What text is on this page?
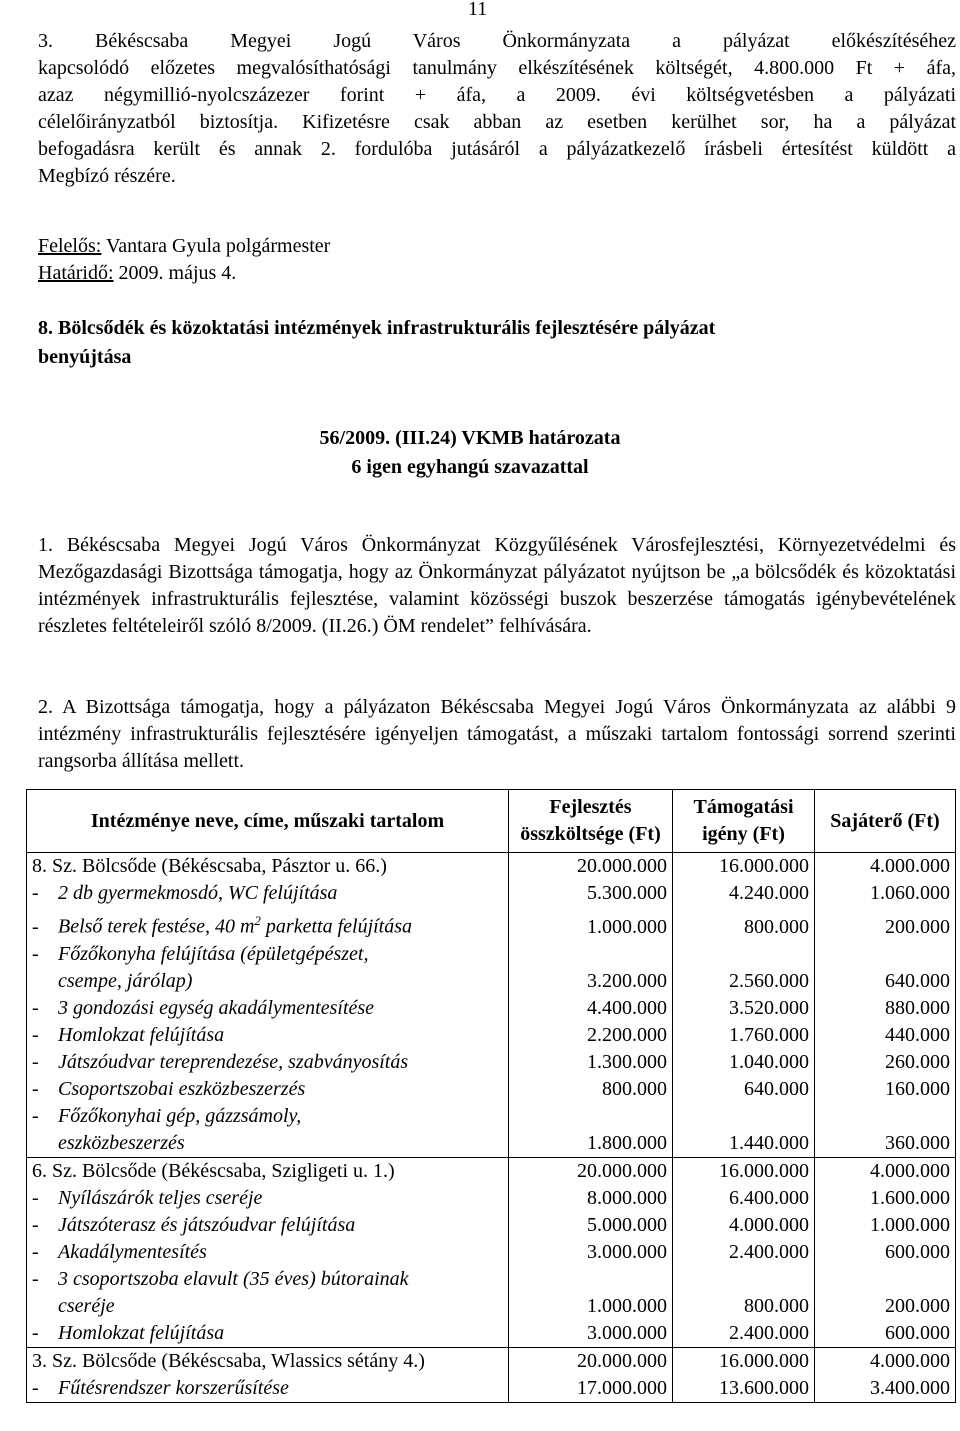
11
3. Békéscsaba Megyei Jogú Város Önkormányzata a pályázat előkészítéséhez
kapcsolódó előzetes megvalósíthatósági tanulmány elkészítésének költségét, 4.800.000 Ft + áfa,
azaz négymillió-nyolcszázezer forint + áfa, a 2009. évi költségvetésben a pályázati
célelőirányzatból biztosítja. Kifizetésre csak abban az esetben kerülhet sor, ha a pályázat
befogadásra került és annak 2. fordulóba jutásáról a pályázatkezelő írásbeli értesítést küldött a
Megbízó részére.
Felelős: Vantara Gyula polgármester
Határidő: 2009. május 4.
8. Bölcsődék és közoktatási intézmények infrastrukturális fejlesztésére pályázat
benyújtása
56/2009. (III.24) VKMB határozata
6 igen egyhangú szavazattal
1. Békéscsaba Megyei Jogú Város Önkormányzat Közgyűlésének Városfejlesztési, Környezetvédelmi és Mezőgazdasági Bizottsága támogatja, hogy az Önkormányzat pályázatot nyújtson be „a bölcsődék és közoktatási intézmények infrastrukturális fejlesztése, valamint közösségi buszok beszerzése támogatás igénybevételének részletes feltételeiről szóló 8/2009. (II.26.) ÖM rendelet” felhívására.
2. A Bizottsága támogatja, hogy a pályázaton Békéscsaba Megyei Jogú Város Önkormányzata az alábbi 9 intézmény infrastrukturális fejlesztésére igényeljen támogatást, a műszaki tartalom fontossági sorrend szerinti rangsorba állítása mellett.
Intézménye neve, címe, műszaki tartalom	Fejlesztés összköltsége (Ft)	Támogatási igény (Ft)	Sajáterő (Ft)
8. Sz. Bölcsőde (Békéscsaba, Pásztor u. 66.)	20.000.000	16.000.000	4.000.000
- 2 db gyermekmosdó, WC felújítása	5.300.000	4.240.000	1.060.000
- Belső terek festése, 40 $m^2$ parketta felújítása	1.000.000	800.000	200.000
- Főzőkonyha felújítása (épületgépészet,			
csempe, járólap)	3.200.000	2.560.000	640.000
- 3 gondozási egység akadálymentesítése	4.400.000	3.520.000	880.000
- Homlokzat felújítása	2.200.000	1.760.000	440.000
- Játszóudvar tereprendezése, szabványosítás	1.300.000	1.040.000	260.000
- Csoportszobai eszközbeszerzés	800.000	640.000	160.000
- Főzőkonyhai gép, gázzsámoly,			
eszközbeszerzés	1.800.000	1.440.000	360.000
6. Sz. Bölcsőde (Békéscsaba, Szigligeti u. 1.)	20.000.000	16.000.000	4.000.000
- Nyílászárók teljes cseréje	8.000.000	6.400.000	1.600.000
- Játszóterasz és játszóudvar felújítása	5.000.000	4.000.000	1.000.000
- Akadálymentesítés	3.000.000	2.400.000	600.000
- 3 csoportszoba elavult (35 éves) bútorainak			
cseréje	1.000.000	800.000	200.000
- Homlokzat felújítása	3.000.000	2.400.000	600.000
3. Sz. Bölcsőde (Békéscsaba, Wlassics sétány 4.)	20.000.000	16.000.000	4.000.000
- Fűtésrendszer korszerűsítése	17.000.000	13.600.000	3.400.000
